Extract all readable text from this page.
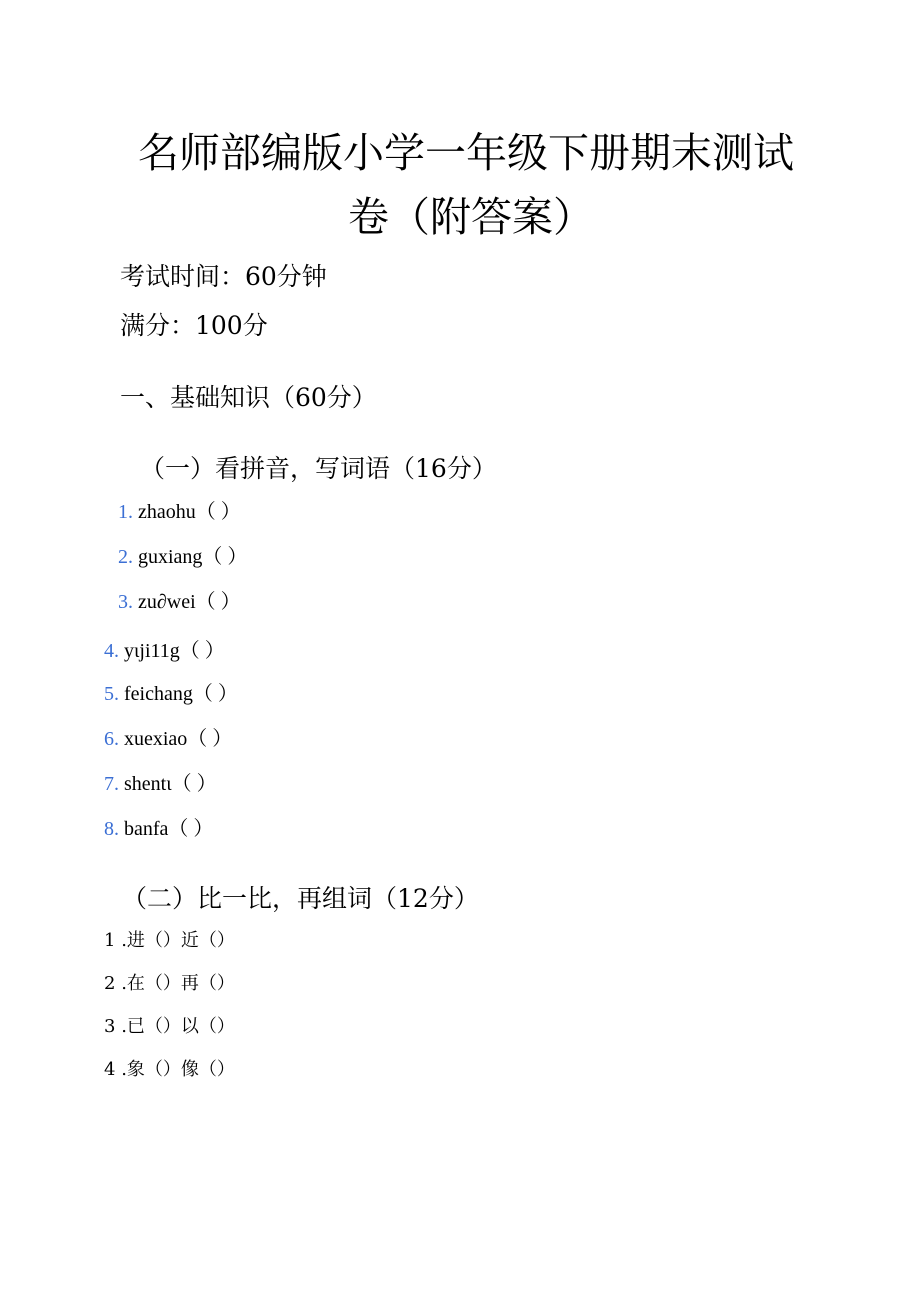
名师部编版小学一年级下册期末测试
卷（附答案）
考试时间：60分钟
满分：100分
一、基础知识（60分）
（一）看拼音，写词语（16分）
1. zhaohu（ ）
2. guxiang（ ）
3. zu∂wei（ ）
4. yɩji11g（ ）
5. feichang（ ）
6. xuexiao（ ）
7. shentι（ ）
8. banfa（ ）
（二）比一比，再组词（12分）
1 .进（）近（）
2 .在（）再（）
3 .已（）以（）
4 .象（）像（）
